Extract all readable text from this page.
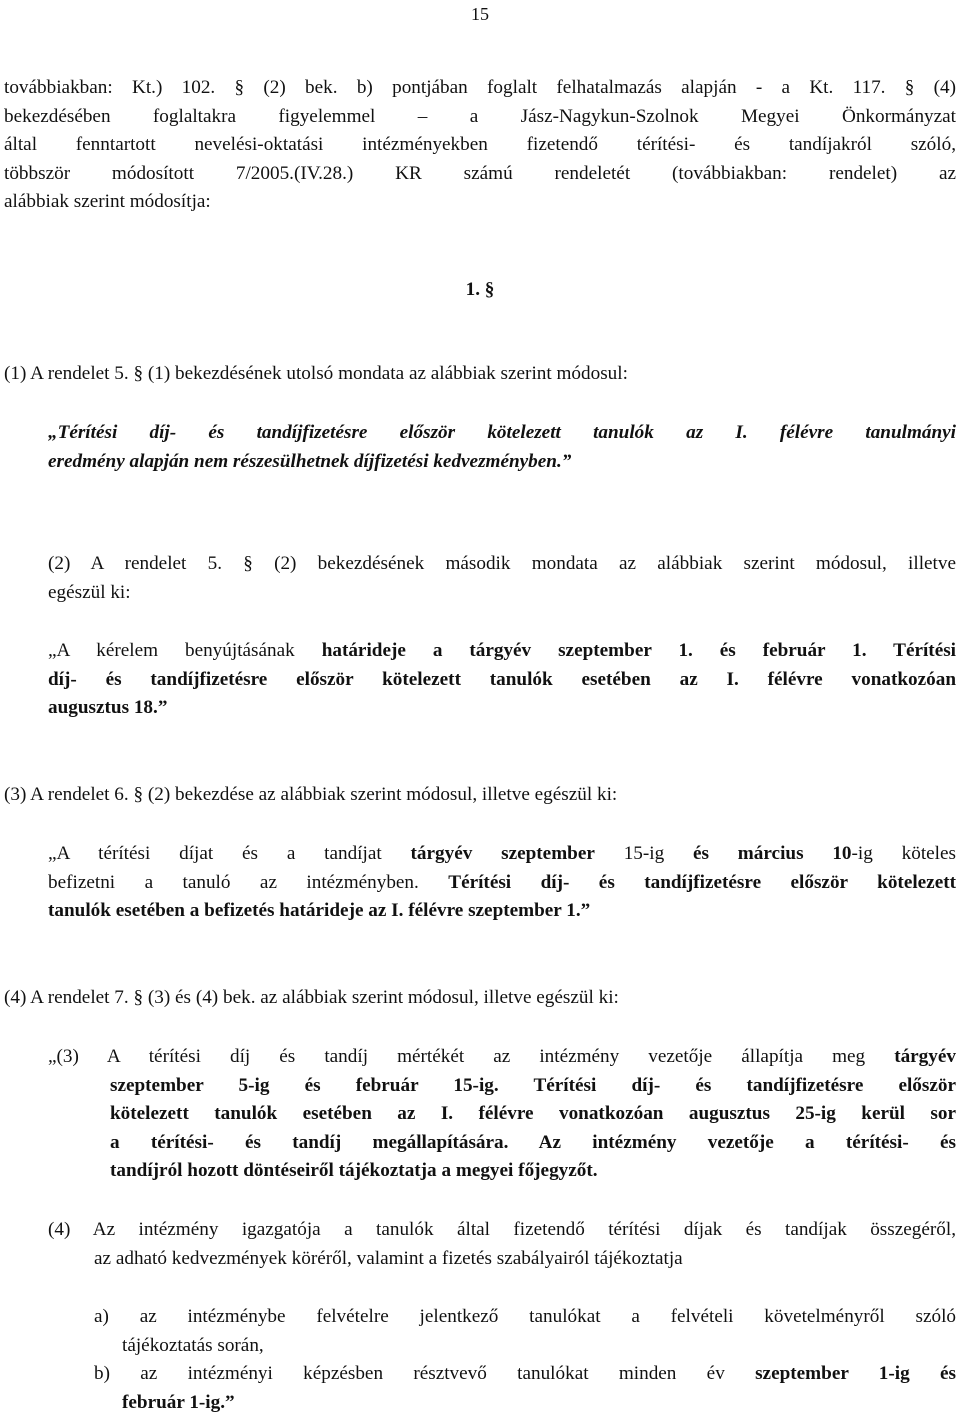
15
továbbiakban: Kt.) 102. § (2) bek. b) pontjában foglalt felhatalmazás alapján - a Kt. 117. § (4)
bekezdésében foglaltakra figyelemmel – a Jász-Nagykun-Szolnok Megyei Önkormányzat
által fenntartott nevelési-oktatási intézményekben fizetendő térítési- és tandíjakról szóló,
többször módosított 7/2005.(IV.28.) KR számú rendeletét (továbbiakban: rendelet) az
alábbiak szerint módosítja:
1. §
(1) A rendelet 5. § (1) bekezdésének utolsó mondata az alábbiak szerint módosul:
„Térítési díj- és tandíjfizetésre először kötelezett tanulók az I. félévre tanulmányi
eredmény alapján nem részesülhetnek díjfizetési kedvezményben.”
(2) A rendelet 5. § (2) bekezdésének második mondata az alábbiak szerint módosul, illetve
egészül ki:
„A kérelem benyújtásának határideje a tárgyév szeptember 1. és február 1. Térítési
díj- és tandíjfizetésre először kötelezett tanulók esetében az I. félévre vonatkozóan
augusztus 18.”
(3) A rendelet 6. § (2) bekezdése az alábbiak szerint módosul, illetve egészül ki:
„A térítési díjat és a tandíjat tárgyév szeptember 15-ig és március 10-ig köteles
befizetni a tanuló az intézményben. Térítési díj- és tandíjfizetésre először kötelezett
tanulók esetében a befizetés határideje az I. félévre szeptember 1.”
(4) A rendelet 7. § (3) és (4) bek. az alábbiak szerint módosul, illetve egészül ki:
„(3) A térítési díj és tandíj mértékét az intézmény vezetője állapítja meg tárgyév
szeptember 5-ig és február 15-ig. Térítési díj- és tandíjfizetésre először
kötelezett tanulók esetében az I. félévre vonatkozóan augusztus 25-ig kerül sor
a térítési- és tandíj megállapítására. Az intézmény vezetője a térítési- és
tandíjról hozott döntéseiről tájékoztatja a megyei főjegyzőt.
(4) Az intézmény igazgatója a tanulók által fizetendő térítési díjak és tandíjak összegéről,
az adható kedvezmények köréről, valamint a fizetés szabályairól tájékoztatja
a) az intézménybe felvételre jelentkező tanulókat a felvételi követelményről szóló
tájékoztatás során,
b) az intézményi képzésben résztvevő tanulókat minden év szeptember 1-ig és
február 1-ig.”
